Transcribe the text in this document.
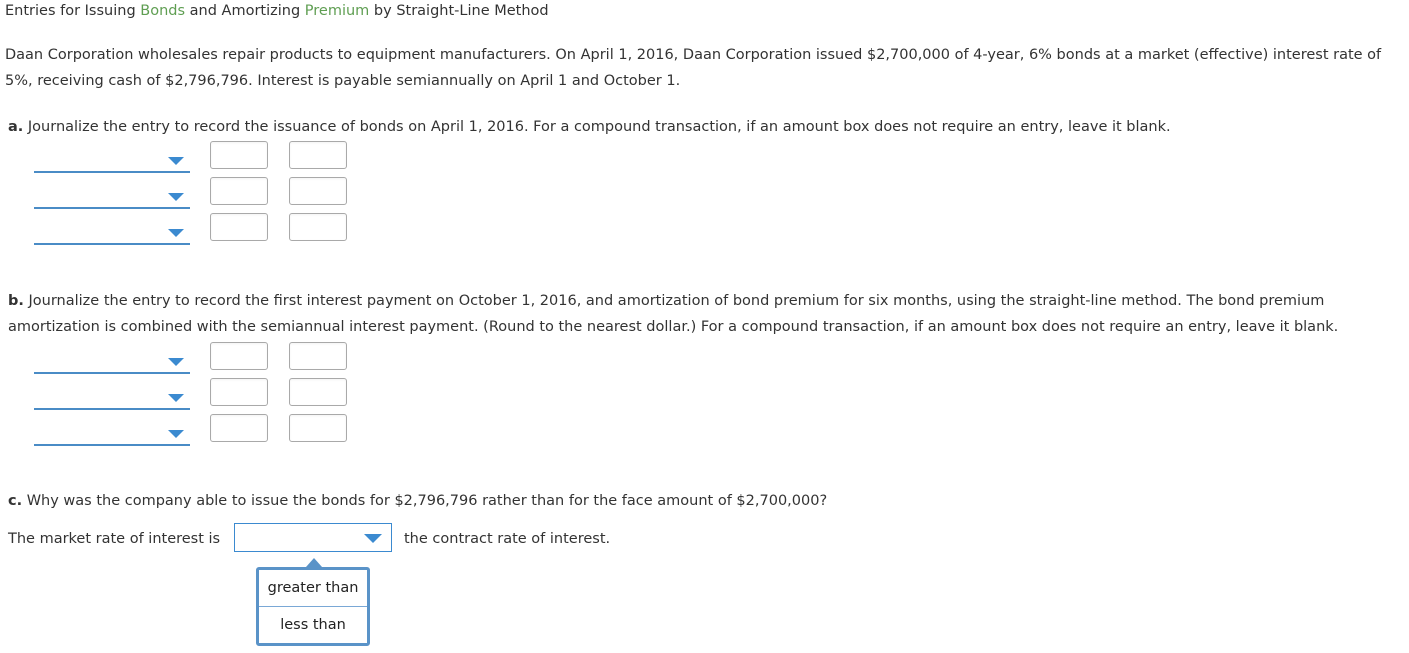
Entries for Issuing Bonds and Amortizing Premium by Straight-Line Method
Daan Corporation wholesales repair products to equipment manufacturers. On April 1, 2016, Daan Corporation issued $2,700,000 of 4-year, 6% bonds at a market (effective) interest rate of 5%, receiving cash of $2,796,796. Interest is payable semiannually on April 1 and October 1.
a. Journalize the entry to record the issuance of bonds on April 1, 2016. For a compound transaction, if an amount box does not require an entry, leave it blank.
b. Journalize the entry to record the first interest payment on October 1, 2016, and amortization of bond premium for six months, using the straight-line method. The bond premium amortization is combined with the semiannual interest payment. (Round to the nearest dollar.) For a compound transaction, if an amount box does not require an entry, leave it blank.
c. Why was the company able to issue the bonds for $2,796,796 rather than for the face amount of $2,700,000?
The market rate of interest is	the contract rate of interest.
greater than
less than
